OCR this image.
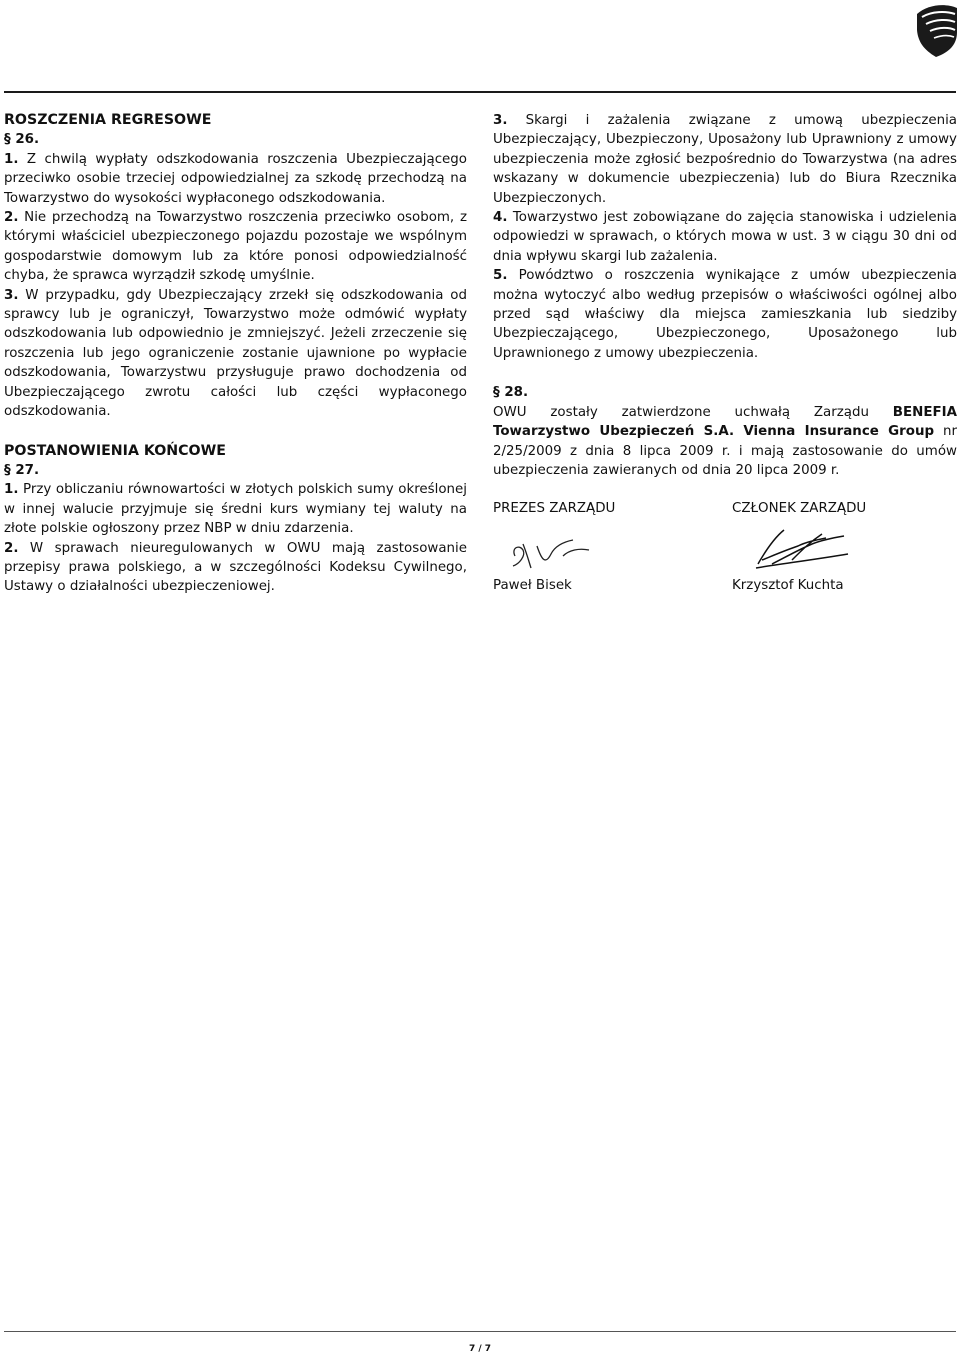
ROSZCZENIA REGRESOWE

§ 26.

1. Z chwilą wypłaty odszkodowania roszczenia Ubezpieczającego przeciwko osobie trzeciej odpowiedzialnej za szkodę przechodzą na Towarzystwo do wysokości wypłaconego odszkodowania.

2. Nie przechodzą na Towarzystwo roszczenia przeciwko osobom, z którymi właściciel ubezpieczonego pojazdu pozostaje we wspólnym gospodarstwie domowym lub za które ponosi odpowiedzialność chyba, że sprawca wyrządził szkodę umyślnie.

3. W przypadku, gdy Ubezpieczający zrzekł się odszkodowania od sprawcy lub je ograniczył, Towarzystwo może odmówić wypłaty odszkodowania lub odpowiednio je zmniejszyć. Jeżeli zrzeczenie się roszczenia lub jego ograniczenie zostanie ujawnione po wypłacie odszkodowania, Towarzystwu przysługuje prawo dochodzenia od Ubezpieczającego zwrotu całości lub części wypłaconego odszkodowania.

POSTANOWIENIA KOŃCOWE

§ 27.

1. Przy obliczaniu równowartości w złotych polskich sumy określonej w innej walucie przyjmuje się średni kurs wymiany tej waluty na złote polskie ogłoszony przez NBP w dniu zdarzenia.

2. W sprawach nieuregulowanych w OWU mają zastosowanie przepisy prawa polskiego, a w szczególności Kodeksu Cywilnego, Ustawy o działalności ubezpieczeniowej.

3. Skargi i zażalenia związane z umową ubezpieczenia Ubezpieczający, Ubezpieczony, Uposażony lub Uprawniony z umowy ubezpieczenia może zgłosić bezpośrednio do Towarzystwa (na adres wskazany w dokumencie ubezpieczenia) lub do Biura Rzecznika Ubezpieczonych.

4. Towarzystwo jest zobowiązane do zajęcia stanowiska i udzielenia odpowiedzi w sprawach, o których mowa w ust. 3 w ciągu 30 dni od dnia wpływu skargi lub zażalenia.

5. Powództwo o roszczenia wynikające z umów ubezpieczenia można wytoczyć albo według przepisów o właściwości ogólnej albo przed sąd właściwy dla miejsca zamieszkania lub siedziby Ubezpieczającego, Ubezpieczonego, Uposażonego lub Uprawnionego z umowy ubezpieczenia.

§ 28.

OWU zostały zatwierdzone uchwałą Zarządu BENEFIA Towarzystwo Ubezpieczeń S.A. Vienna Insurance Group nr 2/25/2009 z dnia 8 lipca 2009 r. i mają zastosowanie do umów ubezpieczenia zawieranych od dnia 20 lipca 2009 r.

PREZES ZARZĄDU

Paweł Bisek

CZŁONEK ZARZĄDU

Krzysztof Kuchta

7 / 7
